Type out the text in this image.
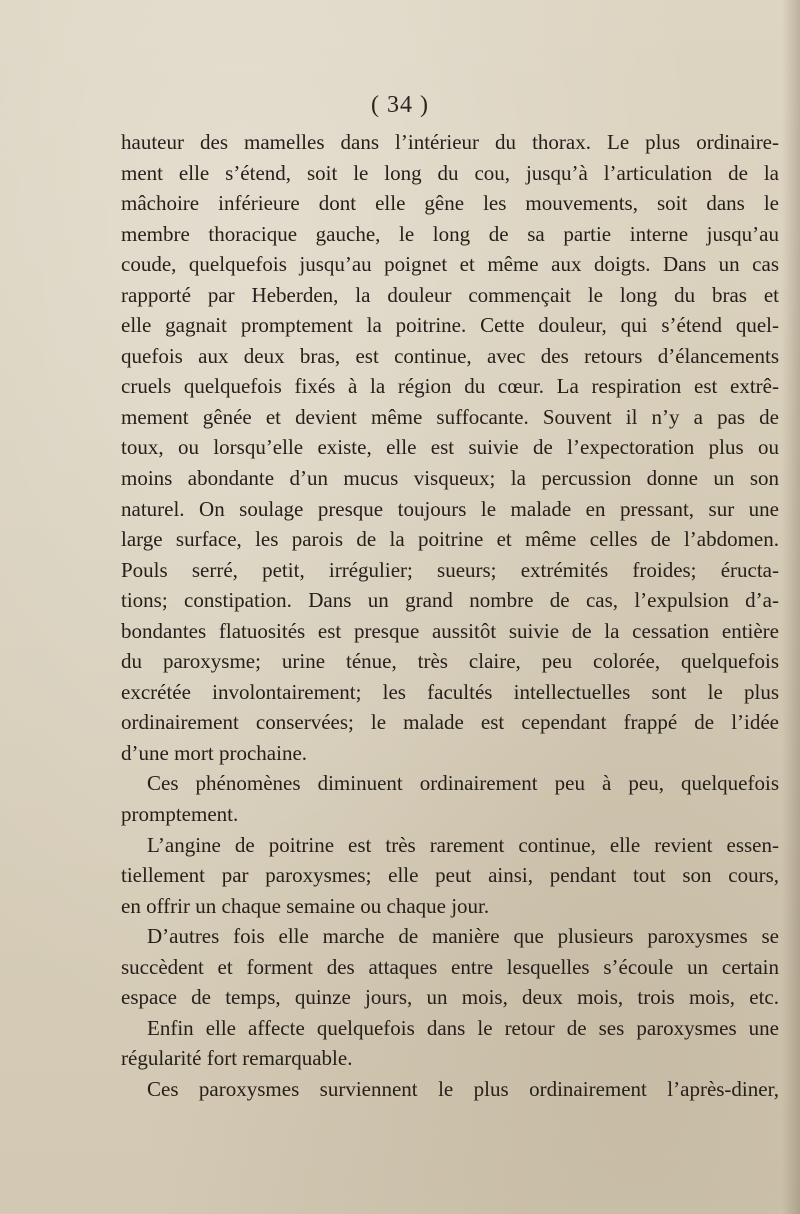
( 34 )
hauteur des mamelles dans l’intérieur du thorax. Le plus ordinaire-
ment elle s’étend, soit le long du cou, jusqu’à l’articulation de la
mâchoire inférieure dont elle gêne les mouvements, soit dans le
membre thoracique gauche, le long de sa partie interne jusqu’au
coude, quelquefois jusqu’au poignet et même aux doigts. Dans un cas
rapporté par Heberden, la douleur commençait le long du bras et
elle gagnait promptement la poitrine. Cette douleur, qui s’étend quel-
quefois aux deux bras, est continue, avec des retours d’élancements
cruels quelquefois fixés à la région du cœur. La respiration est extrê-
mement gênée et devient même suffocante. Souvent il n’y a pas de
toux, ou lorsqu’elle existe, elle est suivie de l’expectoration plus ou
moins abondante d’un mucus visqueux; la percussion donne un son
naturel. On soulage presque toujours le malade en pressant, sur une
large surface, les parois de la poitrine et même celles de l’abdomen.
Pouls serré, petit, irrégulier; sueurs; extrémités froides; éructa-
tions; constipation. Dans un grand nombre de cas, l’expulsion d’a-
bondantes flatuosités est presque aussitôt suivie de la cessation entière
du paroxysme; urine ténue, très claire, peu colorée, quelquefois
excrétée involontairement; les facultés intellectuelles sont le plus
ordinairement conservées; le malade est cependant frappé de l’idée
d’une mort prochaine.
Ces phénomènes diminuent ordinairement peu à peu, quelquefois
promptement.
L’angine de poitrine est très rarement continue, elle revient essen-
tiellement par paroxysmes; elle peut ainsi, pendant tout son cours,
en offrir un chaque semaine ou chaque jour.
D’autres fois elle marche de manière que plusieurs paroxysmes se
succèdent et forment des attaques entre lesquelles s’écoule un certain
espace de temps, quinze jours, un mois, deux mois, trois mois, etc.
Enfin elle affecte quelquefois dans le retour de ses paroxysmes une
régularité fort remarquable.
Ces paroxysmes surviennent le plus ordinairement l’après-diner,
